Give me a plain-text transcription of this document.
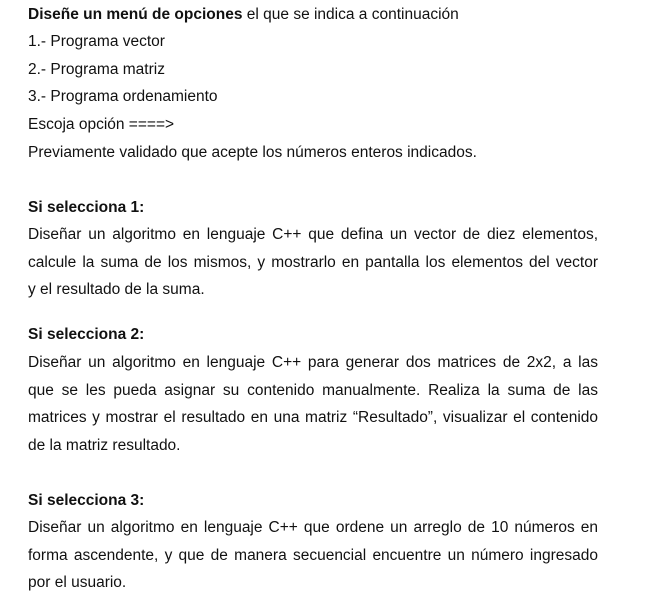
Diseñe un menú de opciones el que se indica a continuación
1.- Programa vector
2.- Programa matriz
3.- Programa ordenamiento
Escoja opción ====>
Previamente validado que acepte los números enteros indicados.
Si selecciona 1:
Diseñar un algoritmo en lenguaje C++ que defina un vector de diez elementos,
calcule la suma de los mismos, y mostrarlo en pantalla los elementos del vector
y el resultado de la suma.
Si selecciona 2:
Diseñar un algoritmo en lenguaje C++ para generar dos matrices de 2x2, a las
que se les pueda asignar su contenido manualmente. Realiza la suma de las
matrices y mostrar el resultado en una matriz “Resultado”, visualizar el contenido
de la matriz resultado.
Si selecciona 3:
Diseñar un algoritmo en lenguaje C++ que ordene un arreglo de 10 números en
forma ascendente, y que de manera secuencial encuentre un número ingresado
por el usuario.
